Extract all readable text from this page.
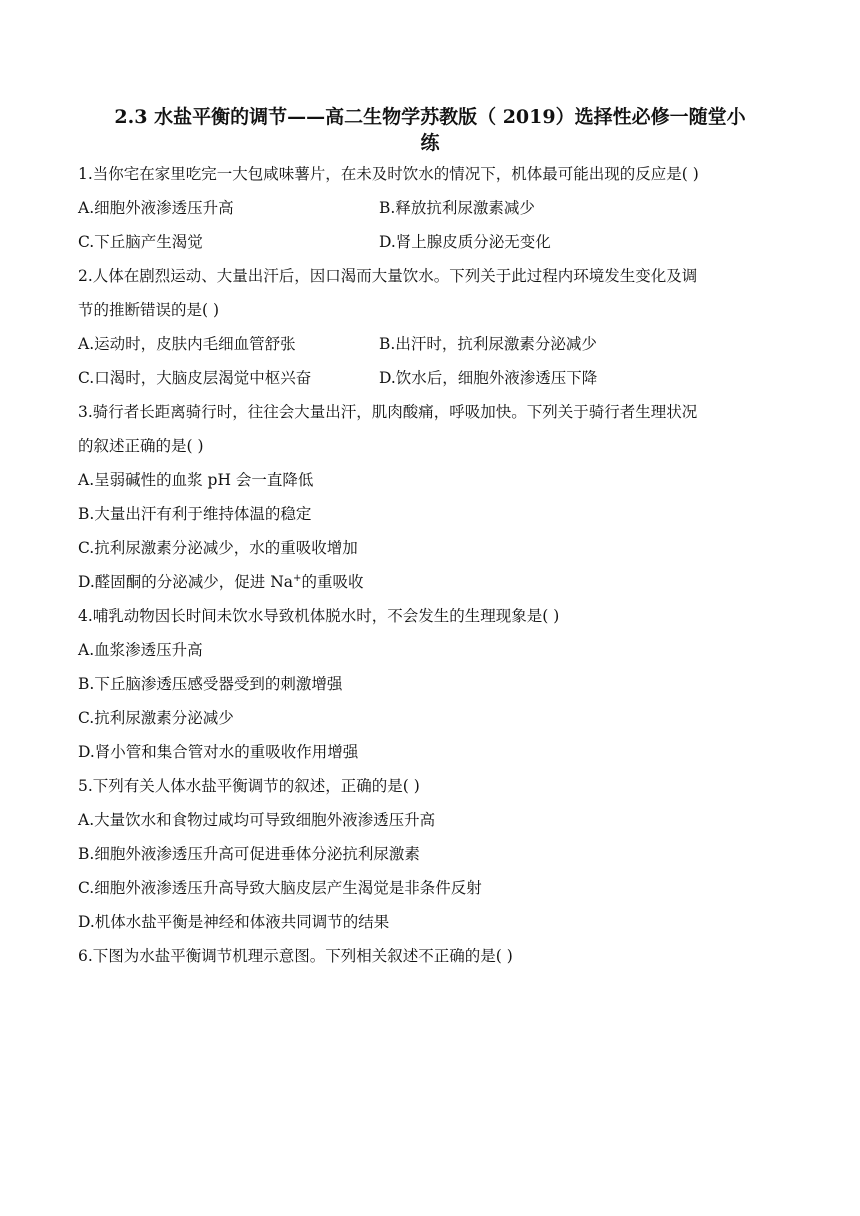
2.3 水盐平衡的调节——高二生物学苏教版（ 2019）选择性必修一随堂小
练
1.当你宅在家里吃完一大包咸味薯片，在未及时饮水的情况下，机体最可能出现的反应是( )
A.细胞外液渗透压升高	B.释放抗利尿激素减少
C.下丘脑产生渴觉	D.肾上腺皮质分泌无变化
2.人体在剧烈运动、大量出汗后，因口渴而大量饮水。下列关于此过程内环境发生变化及调
节的推断错误的是( )
A.运动时，皮肤内毛细血管舒张	B.出汗时，抗利尿激素分泌减少
C.口渴时，大脑皮层渴觉中枢兴奋	D.饮水后，细胞外液渗透压下降
3.骑行者长距离骑行时，往往会大量出汗，肌肉酸痛，呼吸加快。下列关于骑行者生理状况
的叙述正确的是( )
A.呈弱碱性的血浆 pH 会一直降低
B.大量出汗有利于维持体温的稳定
C.抗利尿激素分泌减少，水的重吸收增加
D.醛固酮的分泌减少，促进 Na+的重吸收
4.哺乳动物因长时间未饮水导致机体脱水时，不会发生的生理现象是( )
A.血浆渗透压升高
B.下丘脑渗透压感受器受到的刺激增强
C.抗利尿激素分泌减少
D.肾小管和集合管对水的重吸收作用增强
5.下列有关人体水盐平衡调节的叙述，正确的是( )
A.大量饮水和食物过咸均可导致细胞外液渗透压升高
B.细胞外液渗透压升高可促进垂体分泌抗利尿激素
C.细胞外液渗透压升高导致大脑皮层产生渴觉是非条件反射
D.机体水盐平衡是神经和体液共同调节的结果
6.下图为水盐平衡调节机理示意图。下列相关叙述不正确的是( )
